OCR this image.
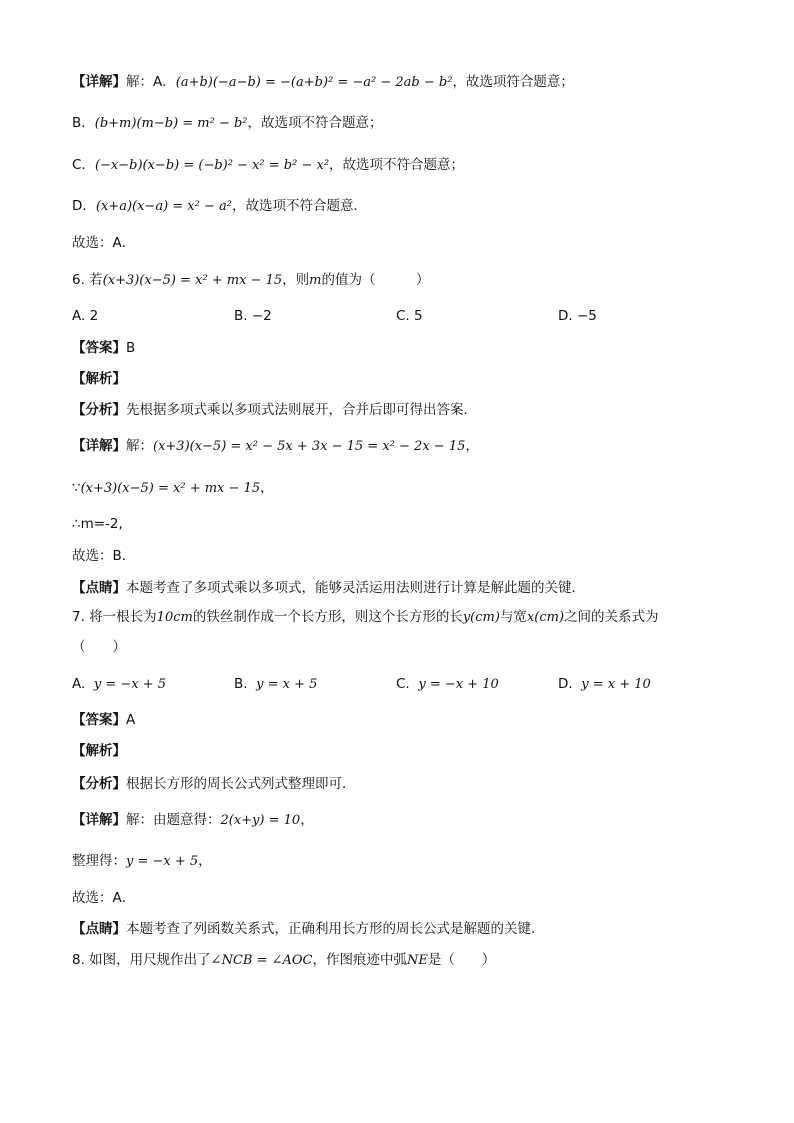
【详解】解：A．(a+b)(−a−b) = −(a+b)² = −a² − 2ab − b²，故选项符合题意；
B．(b+m)(m−b) = m² − b²，故选项不符合题意；
C．(−x−b)(x−b) = (−b)² − x² = b² − x²，故选项不符合题意；
D．(x+a)(x−a) = x² − a²，故选项不符合题意．
故选：A．
6. 若(x+3)(x−5) = x² + mx − 15，则m的值为（　　　）
A. 2	B. −2	C. 5	D. −5
【答案】B
【解析】
【分析】先根据多项式乘以多项式法则展开，合并后即可得出答案．
【详解】解：(x+3)(x−5) = x² − 5x + 3x − 15 = x² − 2x − 15，
∵(x+3)(x−5) = x² + mx − 15，
∴m=-2,
故选：B．
【点睛】本题考查了多项式乘以多项式，能够灵活运用法则进行计算是解此题的关键．
7. 将一根长为10cm的铁丝制作成一个长方形，则这个长方形的长y(cm)与宽x(cm)之间的关系式为
（　　）
A. y = −x + 5	B. y = x + 5	C. y = −x + 10	D. y = x + 10
【答案】A
【解析】
【分析】根据长方形的周长公式列式整理即可．
【详解】解：由题意得：2(x+y) = 10，
整理得：y = −x + 5，
故选：A．
【点睛】本题考查了列函数关系式，正确利用长方形的周长公式是解题的关键．
8. 如图，用尺规作出了∠NCB = ∠AOC，作图痕迹中弧NE是（　　）
